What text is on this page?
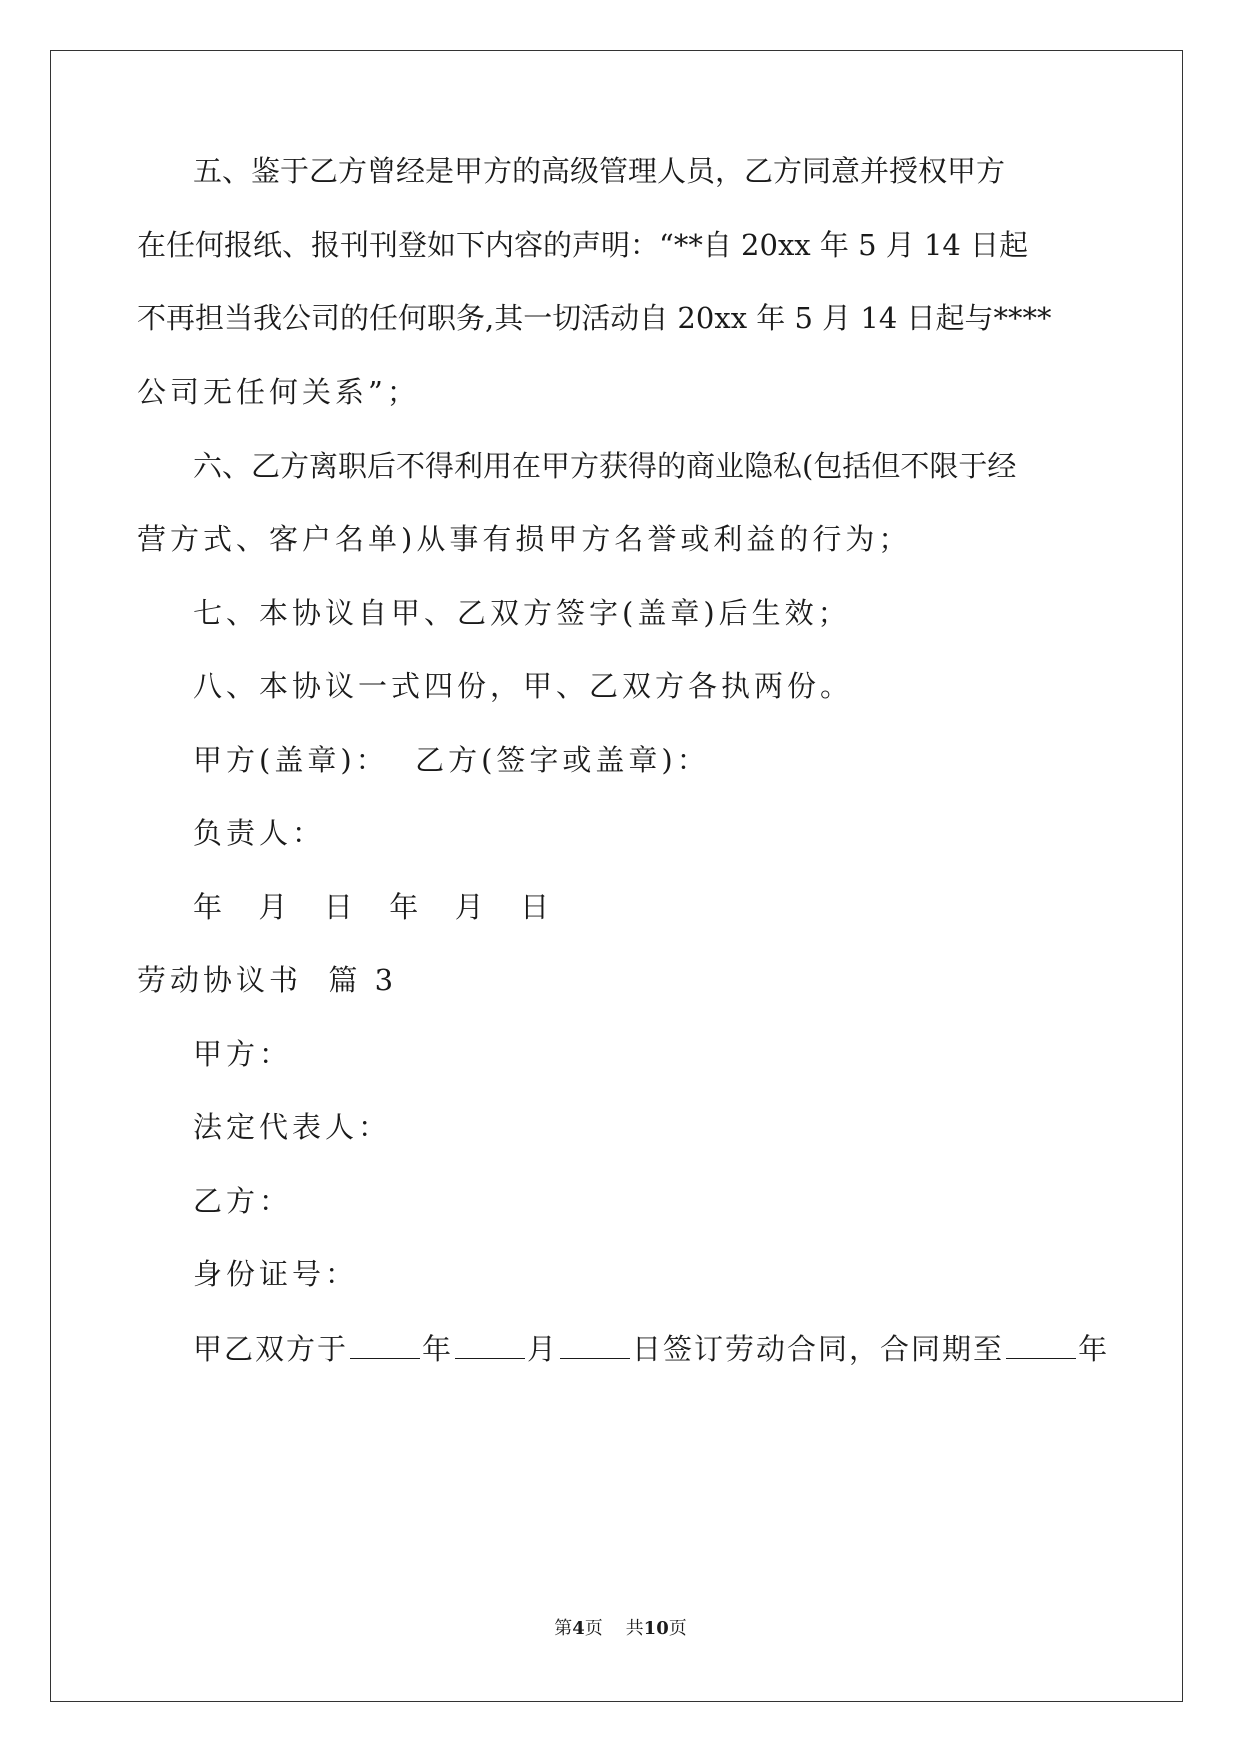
五、鉴于乙方曾经是甲方的高级管理人员，乙方同意并授权甲方
在任何报纸、报刊刊登如下内容的声明：“**自 20xx 年 5 月 14 日起
不再担当我公司的任何职务,其一切活动自 20xx 年 5 月 14 日起与****
公司无任何关系”；
六、乙方离职后不得利用在甲方获得的商业隐私(包括但不限于经
营方式、客户名单)从事有损甲方名誉或利益的行为；
七、本协议自甲、乙双方签字(盖章)后生效；
八、本协议一式四份，甲、乙双方各执两份。
甲方(盖章)：  乙方(签字或盖章)：
负责人：
年  月  日  年  月  日
劳动协议书  篇 3
甲方：
法定代表人：
乙方：
身份证号：
甲乙双方于	年	月	日签订劳动合同，合同期至	年
第4页    共10页
